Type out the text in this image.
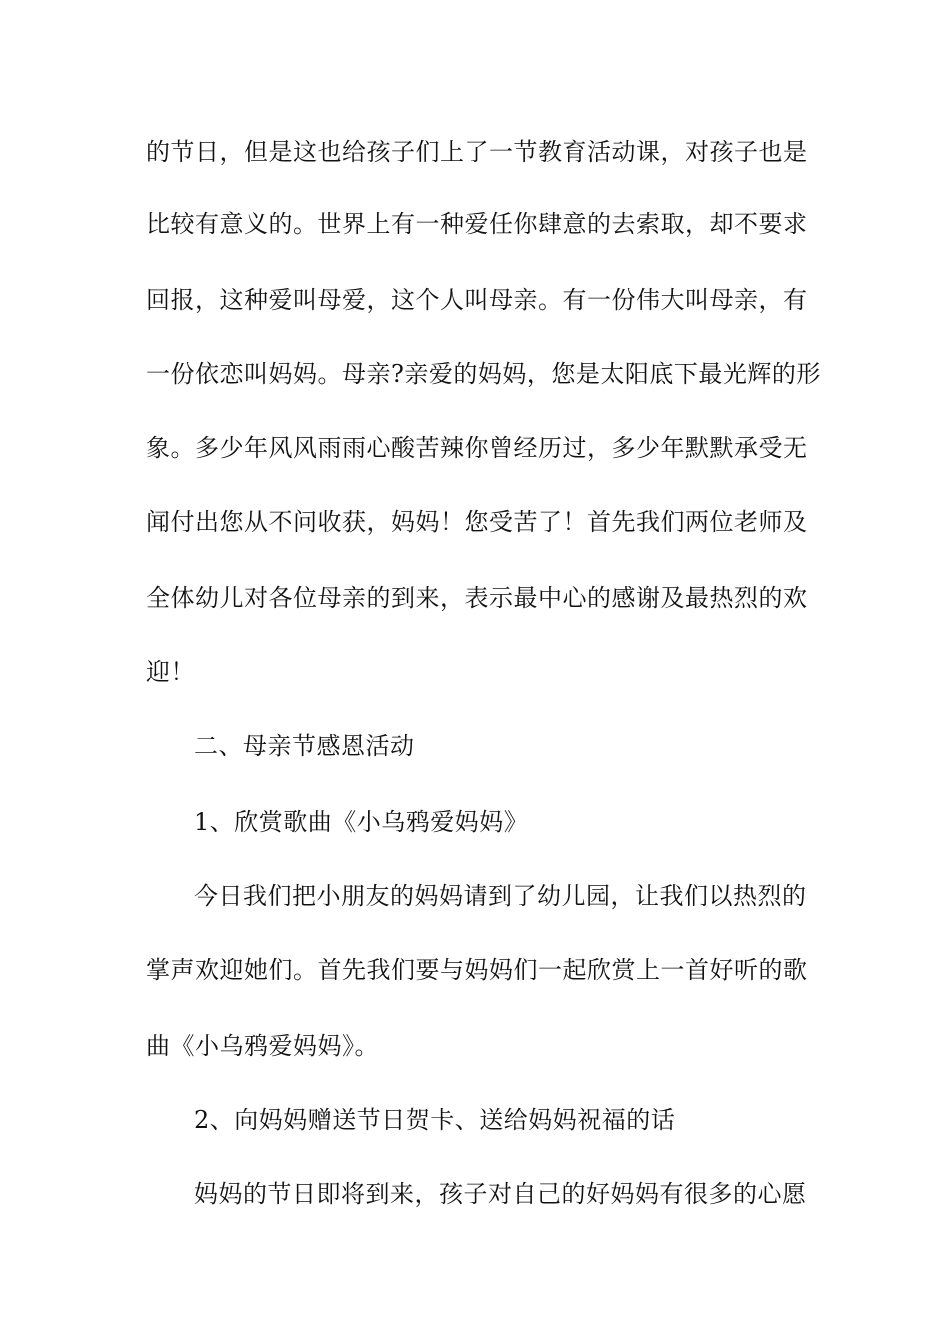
的节日，但是这也给孩子们上了一节教育活动课，对孩子也是
比较有意义的。世界上有一种爱任你肆意的去索取，却不要求
回报，这种爱叫母爱，这个人叫母亲。有一份伟大叫母亲，有
一份依恋叫妈妈。母亲?亲爱的妈妈，您是太阳底下最光辉的形
象。多少年风风雨雨心酸苦辣你曾经历过，多少年默默承受无
闻付出您从不问收获，妈妈！您受苦了！首先我们两位老师及
全体幼儿对各位母亲的到来，表示最中心的感谢及最热烈的欢
迎！
二、母亲节感恩活动
1、欣赏歌曲《小乌鸦爱妈妈》
今日我们把小朋友的妈妈请到了幼儿园，让我们以热烈的
掌声欢迎她们。首先我们要与妈妈们一起欣赏上一首好听的歌
曲《小乌鸦爱妈妈》。
2、向妈妈赠送节日贺卡、送给妈妈祝福的话
妈妈的节日即将到来，孩子对自己的好妈妈有很多的心愿
